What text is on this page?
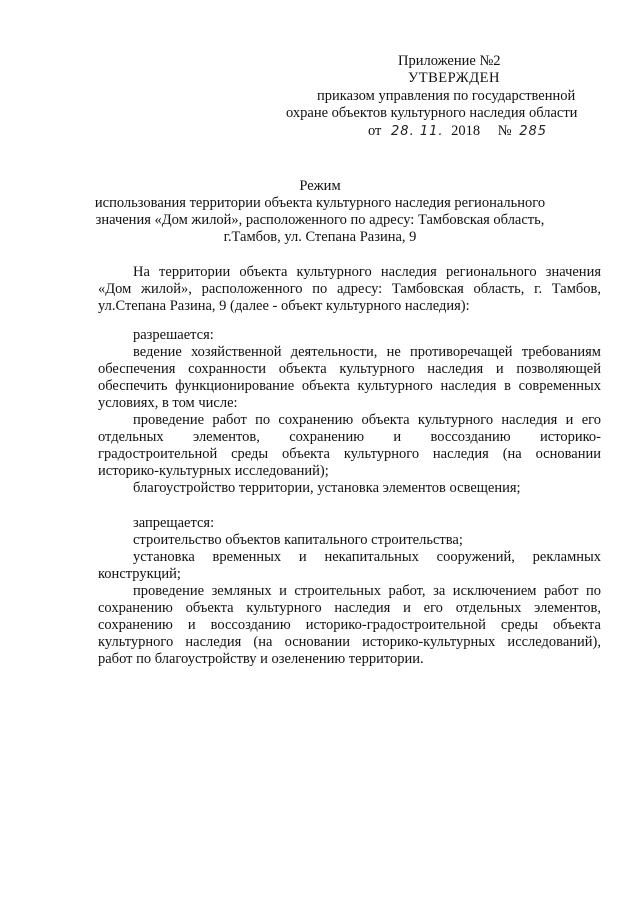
Приложение №2
УТВЕРЖДЕН
приказом управления по государственной
охране объектов культурного наследия области
от 28. 11. 2018 № 285
Режим
использования территории объекта культурного наследия регионального
значения «Дом жилой», расположенного по адресу: Тамбовская область,
г.Тамбов, ул. Степана Разина, 9

На территории объекта культурного наследия регионального значения

«Дом жилой», расположенного по адресу: Тамбовская область, г. Тамбов,

ул.Степана Разина, 9 (далее - объект культурного наследия):

разрешается:

ведение хозяйственной деятельности, не противоречащей требованиям

обеспечения сохранности объекта культурного наследия и позволяющей

обеспечить функционирование объекта культурного наследия в современных

условиях, в том числе:

проведение работ по сохранению объекта культурного наследия и его

отдельных элементов, сохранению и воссозданию историко-

градостроительной среды объекта культурного наследия (на основании

историко-культурных исследований);

благоустройство территории, установка элементов освещения;

запрещается:

строительство объектов капитального строительства;

установка временных и некапитальных сооружений, рекламных

конструкций;

проведение земляных и строительных работ, за исключением работ по

сохранению объекта культурного наследия и его отдельных элементов,

сохранению и воссозданию историко-градостроительной среды объекта

культурного наследия (на основании историко-культурных исследований),

работ по благоустройству и озеленению территории.
